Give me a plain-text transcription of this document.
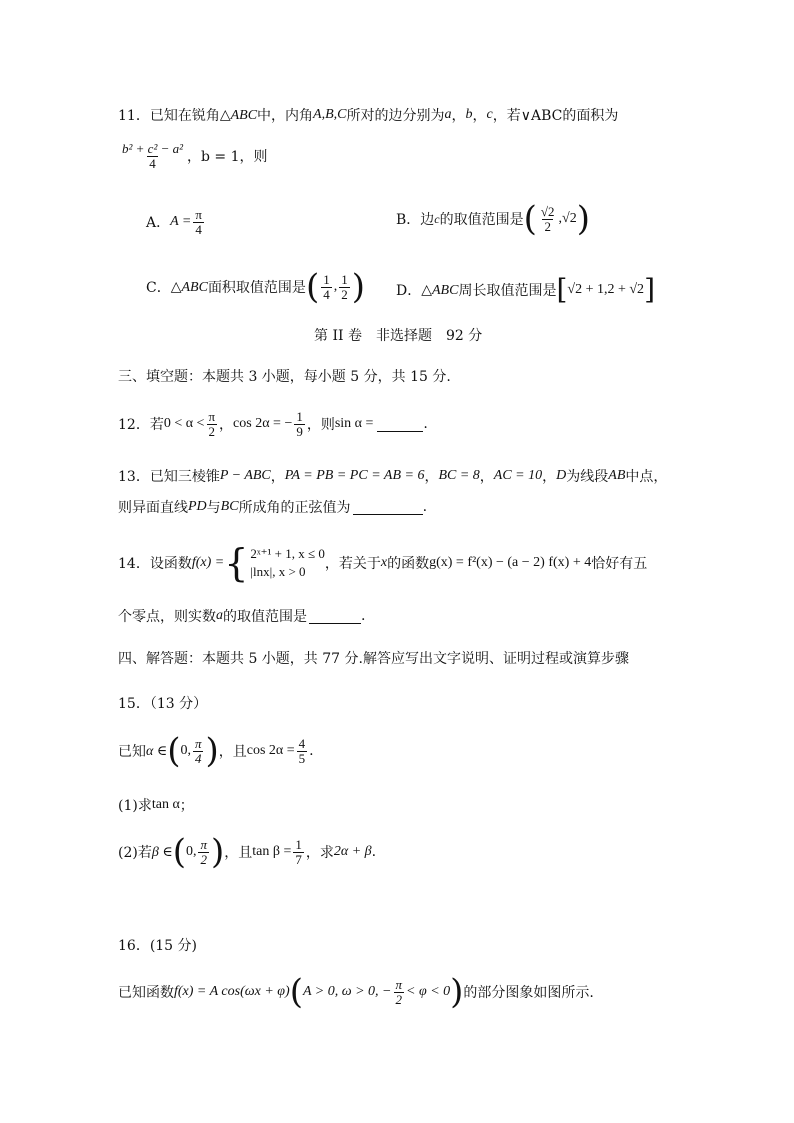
11．已知在锐角 △ABC 中，内角 A,B,C 所对的边分别为 a ， b ， c ，若∨ABC的面积为
$\frac{\text{b² + c² − a²}}{4}$ ，b = 1，则
A． $A = \frac{\pi}{4}$	B．边 c 的取值范围是 ( $\frac{√2}{2} ,√2$ )
C． △ABC 面积取值范围是 ( $\frac{1}{4}$ , $\frac{1}{2}$ ) D． △ABC 周长取值范围是 [ √2 + 1,2 + √2 ]
第 II 卷　非选择题　92 分
三、填空题：本题共 3 小题，每小题 5 分，共 15 分.
12．若 $0 < \alpha < \frac{\pi}{2}$ ， cos 2α = − $\frac{1}{9}$ ，则 sin α =	.
13．已知三棱锥 P − ABC ， PA = PB = PC = AB = 6 ， BC = 8 ， AC = 10 ， D 为线段 AB 中点，
则异面直线 PD 与 BC 所成角的正弦值为	.
14．设函数 f(x) = { 2ˣ⁺¹ + 1, x ≤ 0
|lnx|, x > 0	，若关于 x 的函数 g(x) = f²(x) − (a − 2) f(x) + 4 恰好有五
个零点，则实数 a 的取值范围是	.
四、解答题：本题共 5 小题，共 77 分.解答应写出文字说明、证明过程或演算步骤
15．（13 分）
已知 α ∈ ( 0, $\frac{\pi}{4}$ ) ，且 $\cos 2\alpha = \frac{4}{5}$ .
(1)求 tan α ；
(2)若 β ∈ ( 0, $\frac{\pi}{2}$ ) ，且 $\tan \beta = \frac{1}{7}$ ，求 2α + β .
16．(15 分)
已知函数 f(x) = A cos(ωx + φ) ( A > 0, ω > 0, − $\frac{\pi}{2} < \varphi < 0$ ) 的部分图象如图所示.
